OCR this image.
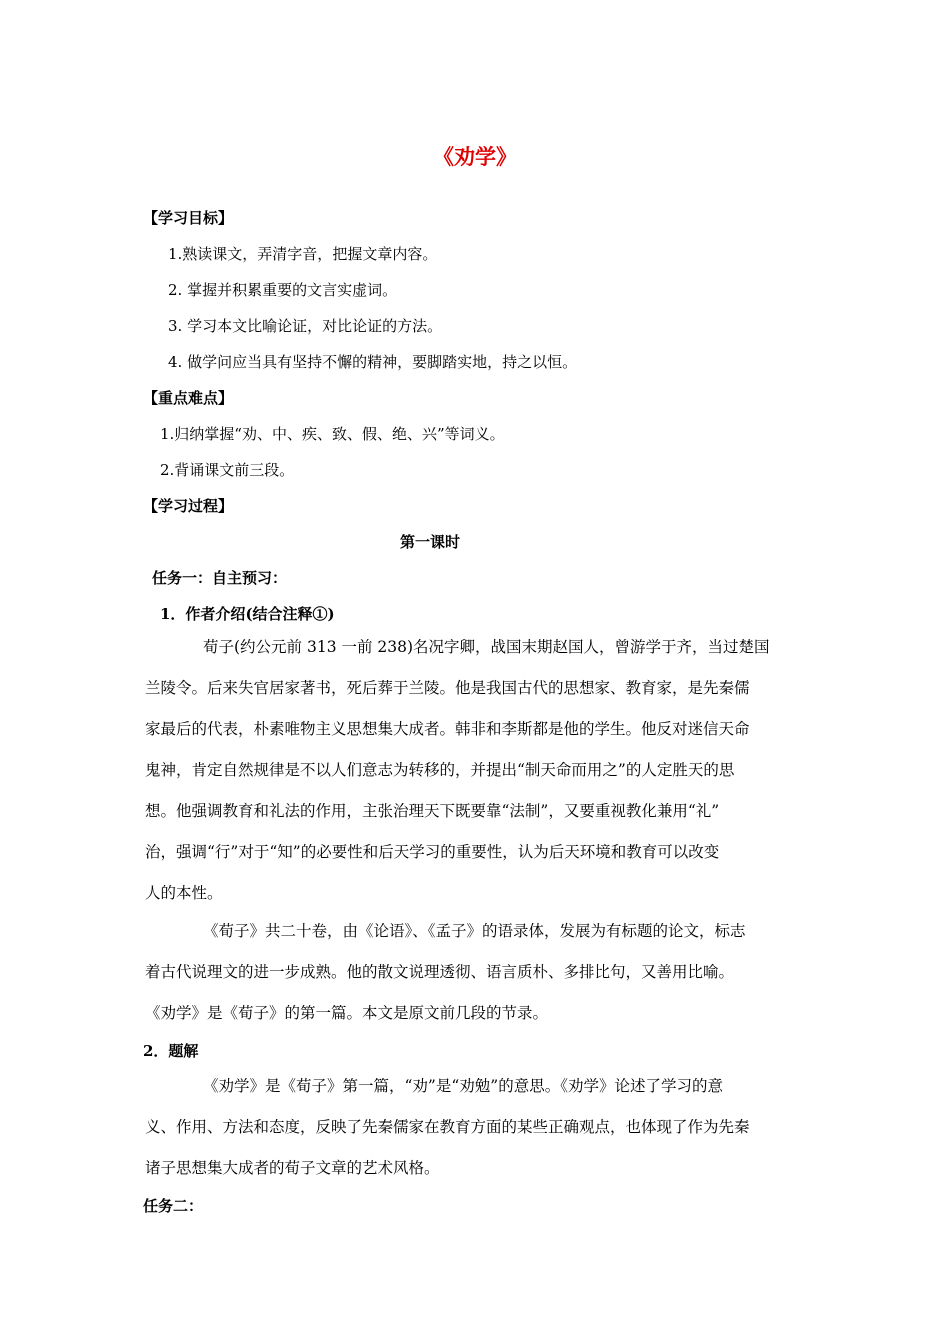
《劝学》
【学习目标】
1.熟读课文，弄清字音，把握文章内容。
2. 掌握并积累重要的文言实虚词。
3. 学习本文比喻论证，对比论证的方法。
4. 做学问应当具有坚持不懈的精神，要脚踏实地，持之以恒。
【重点难点】
1.归纳掌握“劝、中、疾、致、假、绝、兴”等词义。
2.背诵课文前三段。
【学习过程】
第一课时
任务一：自主预习：
1．作者介绍(结合注释①)
荀子(约公元前 313 一前 238)名况字卿，战国末期赵国人，曾游学于齐，当过楚国
兰陵令。后来失官居家著书，死后葬于兰陵。他是我国古代的思想家、教育家，是先秦儒
家最后的代表，朴素唯物主义思想集大成者。韩非和李斯都是他的学生。他反对迷信天命
鬼神，肯定自然规律是不以人们意志为转移的，并提出“制天命而用之”的人定胜天的思
想。他强调教育和礼法的作用，主张治理天下既要靠“法制”，又要重视教化兼用“礼”
治，强调“行”对于“知”的必要性和后天学习的重要性，认为后天环境和教育可以改变
人的本性。
《荀子》共二十卷，由《论语》、《孟子》的语录体，发展为有标题的论文，标志
着古代说理文的进一步成熟。他的散文说理透彻、语言质朴、多排比句，又善用比喻。
《劝学》是《荀子》的第一篇。本文是原文前几段的节录。
2．题解
《劝学》是《荀子》第一篇，“劝”是“劝勉”的意思。《劝学》论述了学习的意
义、作用、方法和态度，反映了先秦儒家在教育方面的某些正确观点，也体现了作为先秦
诸子思想集大成者的荀子文章的艺术风格。
任务二：
